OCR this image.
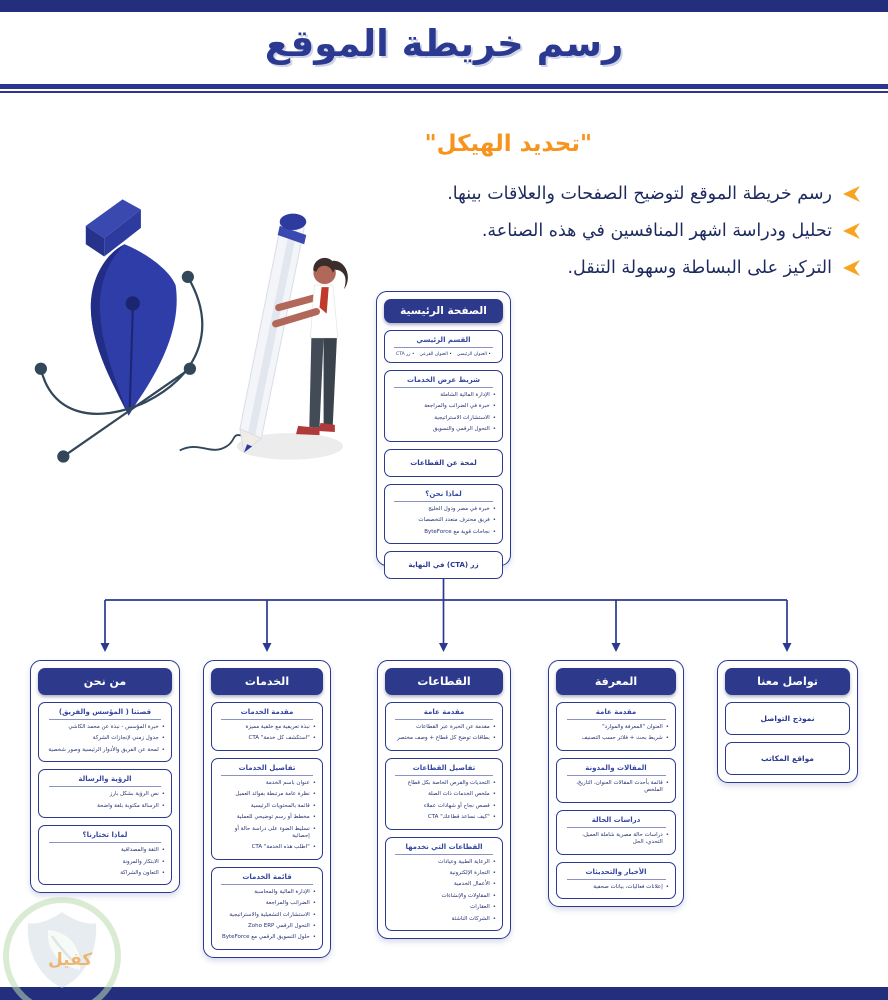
رسم خريطة الموقع
"تحديد الهيكل"
رسم خريطة الموقع لتوضيح الصفحات والعلاقات بينها.
تحليل ودراسة اشهر المنافسين في هذه الصناعة.
التركيز على البساطة وسهولة التنقل.
الصفحة الرئيسية
القسم الرئيسي
• العنوان الرئيسي
• العنوان الفرعي
• زر CTA
شريط عرض الخدمات
•
الإدارة المالية الشاملة
•
خبرة في الضرائب والمراجعة
•
الاستشارات الاستراتيجية
•
التحول الرقمي والتسويق
لمحة عن القطاعات
لماذا نحن؟
•
خبرة في مصر ودول الخليج
•
فريق محترف متعدد التخصصات
•
نجاحات قوية مع ByteForce
زر (CTA) في النهاية
من نحن
قصتنا ( المؤسس والفريق)
•
خبرة المؤسس - نبذة عن محمد الكاشي
•
جدول زمني لإنجازات الشركة
•
لمحة عن الفريق والأدوار الرئيسية وصور شخصية
الرؤية والرسالة
•
نص الرؤية بشكل بارز
•
الرسالة مكتوبة بلغة واضحة
لماذا تختارنا؟
•
الثقة والمصداقية
•
الابتكار والمرونة
•
التعاون والشراكة
الخدمات
مقدمة الخدمات
•
نبذة تعريفية مع خلفية مميزة
•
"استكشف كل خدمة" CTA
تفاصيل الخدمات
•
عنوان باسم الخدمة
•
نظرة عامة مرتبطة بفوائد العميل
•
قائمة بالمحتويات الرئيسية
•
مخطط أو رسم توضيحي للعملية
•
تسليط الضوء على دراسة حالة أو إحصائية
•
"اطلب هذه الخدمة" CTA
قائمة الخدمات
•
الإدارة المالية والمحاسبة
•
الضرائب والمراجعة
•
الاستشارات التشغيلية والاستراتيجية
•
التحول الرقمي Zoho ERP
•
حلول التسويق الرقمي مع ByteForce
القطاعات
مقدمة عامة
•
مقدمة عن الخبرة عبر القطاعات
•
بطاقات توضح كل قطاع + وصف مختصر
تفاصيل القطاعات
•
التحديات والفرص الخاصة بكل قطاع
•
ملخص الخدمات ذات الصلة
•
قصص نجاح أو شهادات عملاء
•
"كيف نساعد قطاعك" CTA
القطاعات التي نخدمها
•
الرعاية الطبية وعيادات
•
التجارة الإلكترونية
•
الأعمال الخدمية
•
المقاولات والإنشاءات
•
العقارات
•
الشركات الناشئة
المعرفة
مقدمة عامة
•
العنوان "المعرفة والموارد"
•
شريط بحث + فلاتر حسب التصنيف
المقالات والمدونة
•
قائمة بأحدث المقالات العنوان، التاريخ، الملخص
دراسات الحالة
•
دراسات حالة مصرية شاملة العميل، التحدي، الحل
الأخبار والتحديثات
•
إعلانات فعاليات، بيانات صحفية
تواصل معنا
نموذج التواصل
مواقع المكاتب
كفيل
